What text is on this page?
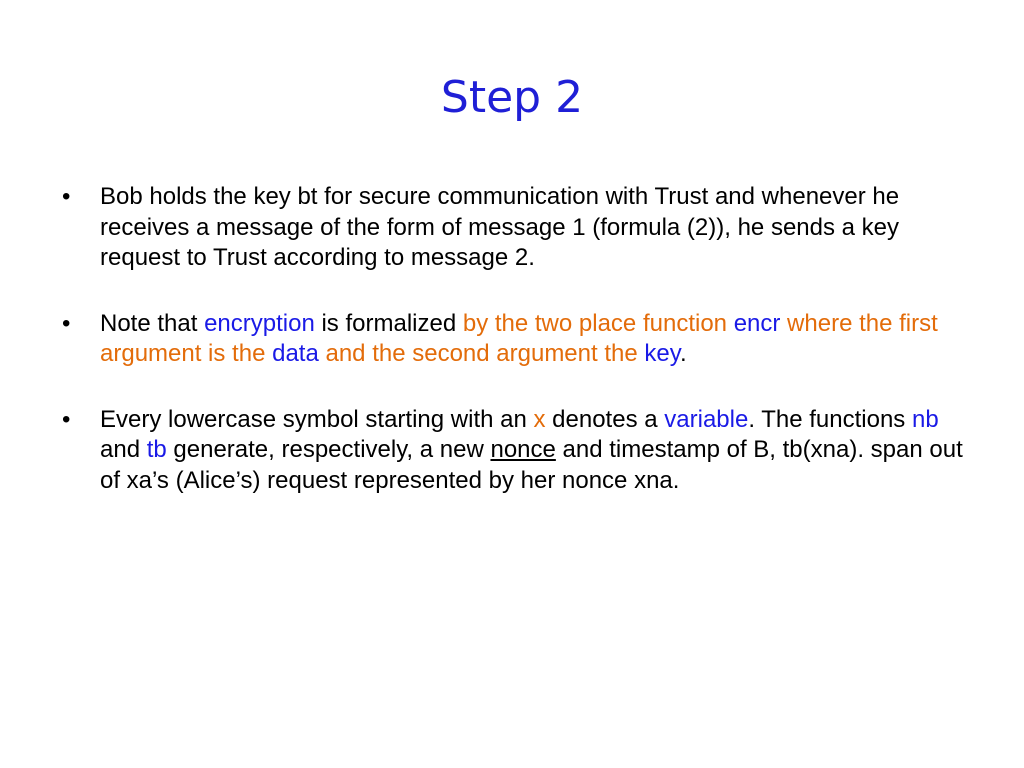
Step 2
• Bob holds the key bt for secure communication with Trust and whenever he receives a message of the form of message 1 (formula (2)), he sends a key request to Trust according to message 2.
• Note that encryption is formalized by the two place function encr where the first argument is the data and the second argument the key.
• Every lowercase symbol starting with an x denotes a variable. The functions nb and tb generate, respectively, a new nonce and timestamp of B, tb(xna). span out of xa’s (Alice’s) request represented by her nonce xna.
